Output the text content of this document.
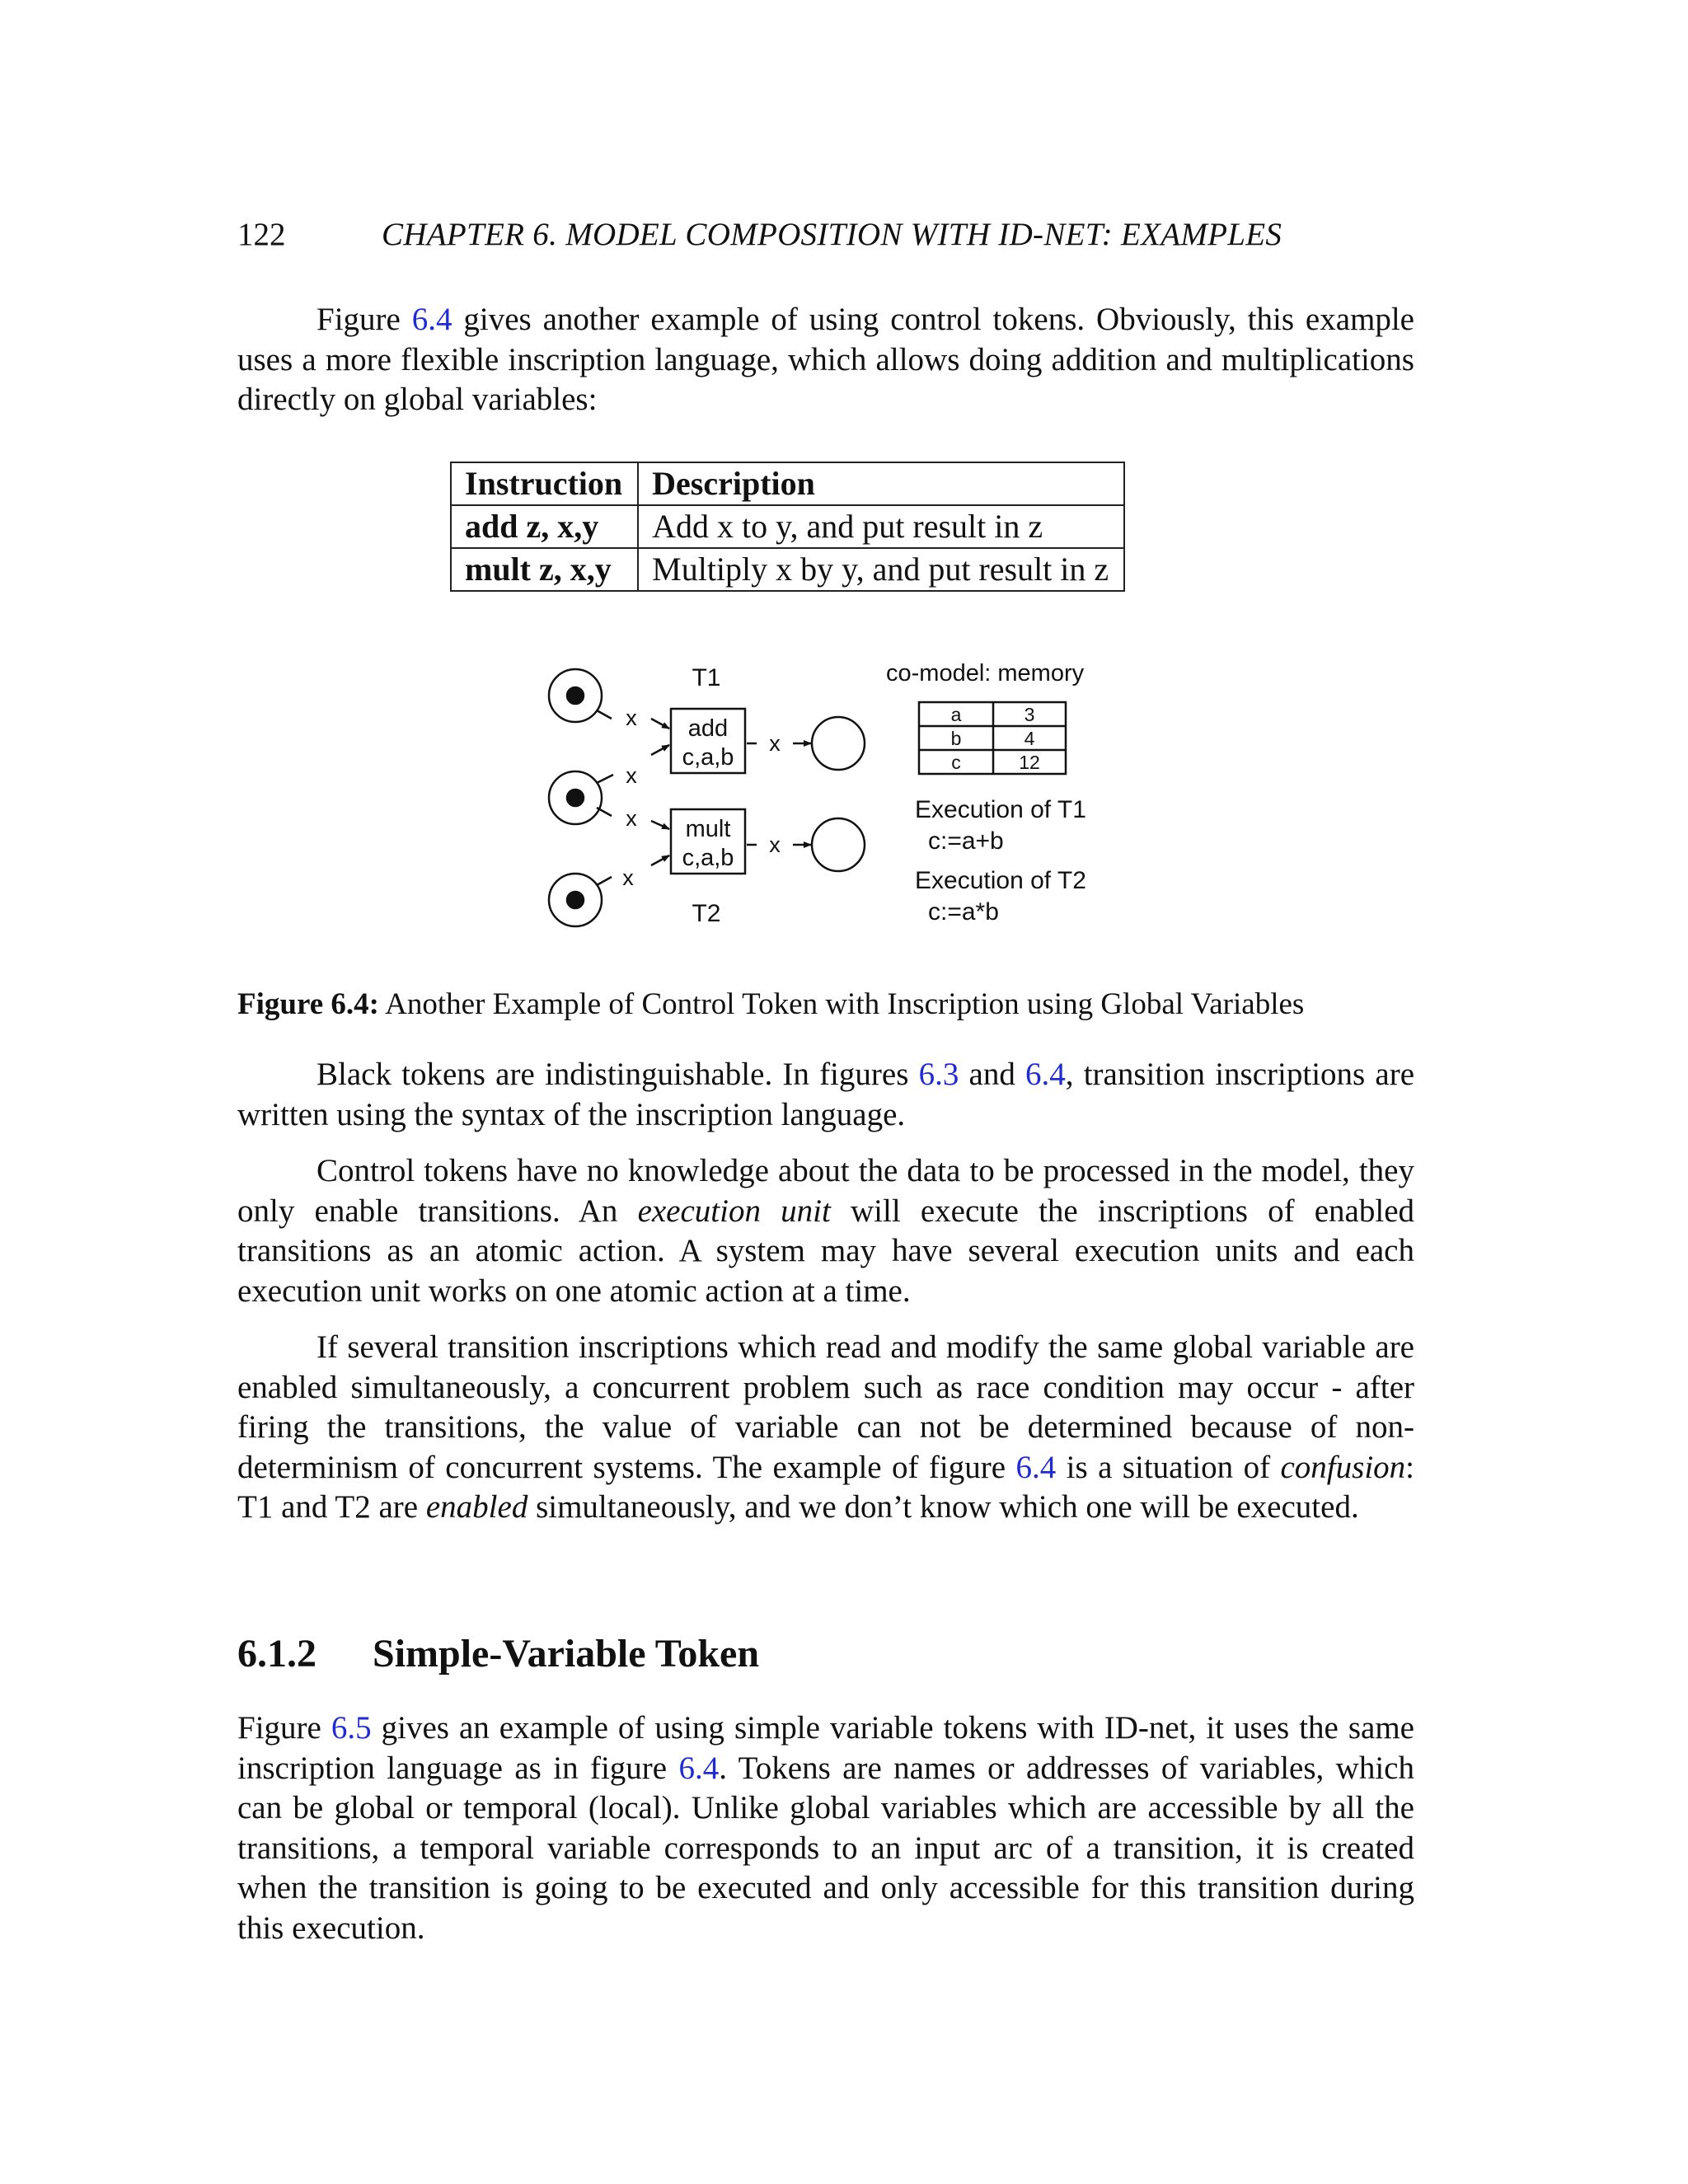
122	CHAPTER 6. MODEL COMPOSITION WITH ID-NET: EXAMPLES

Figure 6.4 gives another example of using control tokens. Obviously, this example uses a more flexible inscription language, which allows doing addition and multiplications directly on global variables:

Instruction	Description
add z, x,y	Add x to y, and put result in z
mult z, x,y	Multiply x by y, and put result in z
T1
T2
add
c,a,b
mult
c,a,b
x
x
x
x
x
x
co-model: memory
a	3
b	4
c	12
Execution of T1
c:=a+b
Execution of T2
c:=a*b
Figure 6.4: Another Example of Control Token with Inscription using Global Variables

Black tokens are indistinguishable. In figures 6.3 and 6.4, transition inscriptions are written using the syntax of the inscription language.

Control tokens have no knowledge about the data to be processed in the model, they only enable transitions. An execution unit will execute the inscriptions of enabled transitions as an atomic action. A system may have several execution units and each execution unit works on one atomic action at a time.

If several transition inscriptions which read and modify the same global variable are enabled simultaneously, a concurrent problem such as race condition may occur - after firing the transitions, the value of variable can not be determined because of non-determinism of concurrent systems. The example of figure 6.4 is a situation of confusion: T1 and T2 are enabled simultaneously, and we don’t know which one will be executed.

6.1.2 Simple-Variable Token

Figure 6.5 gives an example of using simple variable tokens with ID-net, it uses the same inscription language as in figure 6.4. Tokens are names or addresses of variables, which can be global or temporal (local). Unlike global variables which are accessible by all the transitions, a temporal variable corresponds to an input arc of a transition, it is created when the transition is going to be executed and only accessible for this transition during this execution.
